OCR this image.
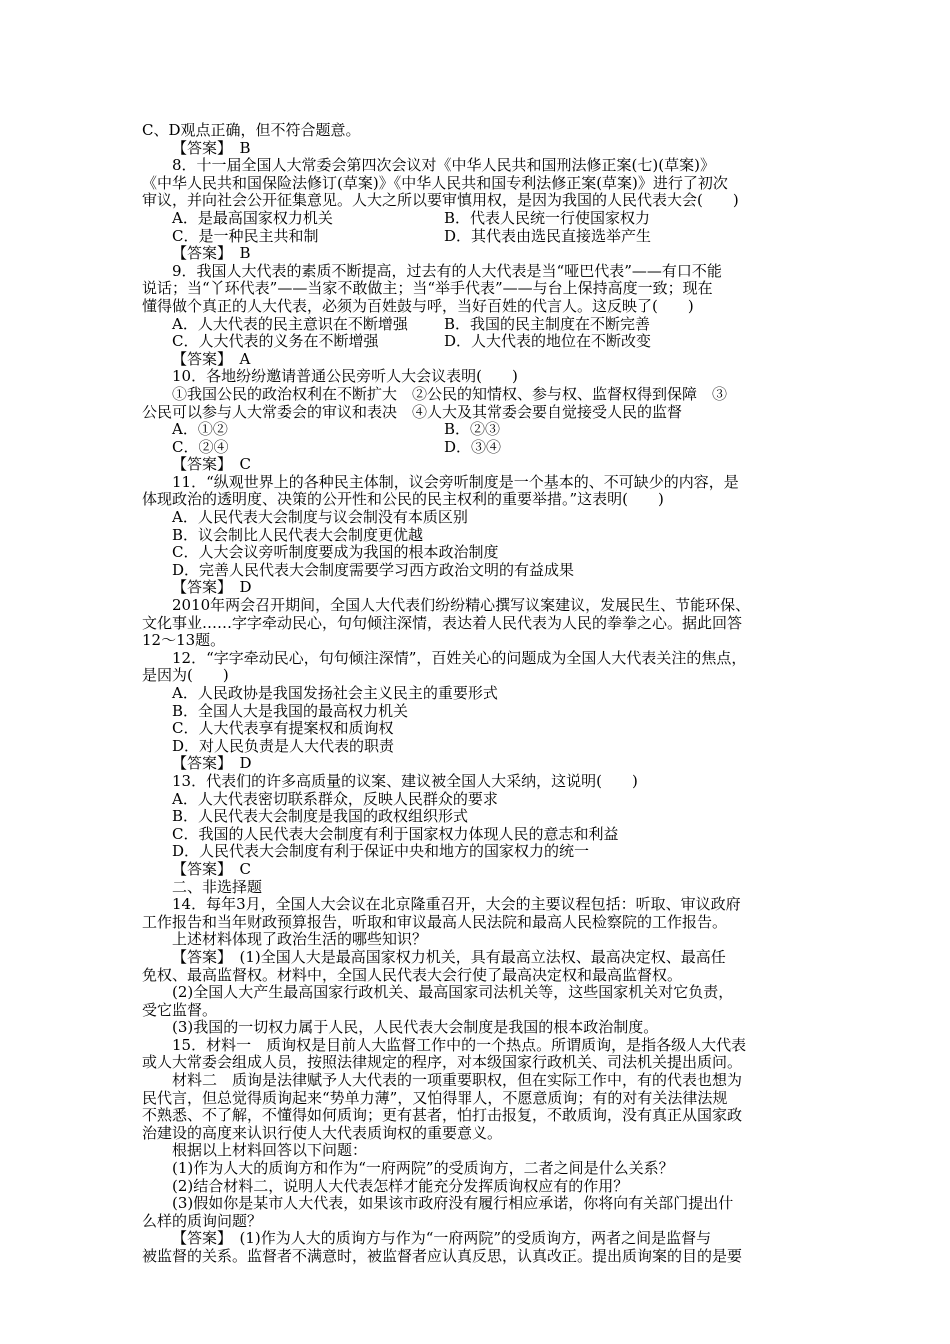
C、D观点正确，但不符合题意。
【答案】　B
8．十一届全国人大常委会第四次会议对《中华人民共和国刑法修正案(七)(草案)》
《中华人民共和国保险法修订(草案)》《中华人民共和国专利法修正案(草案)》进行了初次
审议，并向社会公开征集意见。人大之所以要审慎用权，是因为我国的人民代表大会(　　)
A．是最高国家权力机关	B．代表人民统一行使国家权力
C．是一种民主共和制	D．其代表由选民直接选举产生
【答案】　B
9．我国人大代表的素质不断提高，过去有的人大代表是当“哑巴代表”——有口不能
说话；当“丫环代表”——当家不敢做主；当“举手代表”——与台上保持高度一致；现在
懂得做个真正的人大代表，必须为百姓鼓与呼，当好百姓的代言人。这反映了(　　)
A．人大代表的民主意识在不断增强	B．我国的民主制度在不断完善
C．人大代表的义务在不断增强	D．人大代表的地位在不断改变
【答案】　A
10．各地纷纷邀请普通公民旁听人大会议表明(　　)
①我国公民的政治权利在不断扩大　②公民的知情权、参与权、监督权得到保障　③
公民可以参与人大常委会的审议和表决　④人大及其常委会要自觉接受人民的监督
A．①②	B．②③
C．②④	D．③④
【答案】　C
11．“纵观世界上的各种民主体制，议会旁听制度是一个基本的、不可缺少的内容，是
体现政治的透明度、决策的公开性和公民的民主权利的重要举措。”这表明(　　)
A．人民代表大会制度与议会制没有本质区别
B．议会制比人民代表大会制度更优越
C．人大会议旁听制度要成为我国的根本政治制度
D．完善人民代表大会制度需要学习西方政治文明的有益成果
【答案】　D
2010年两会召开期间，全国人大代表们纷纷精心撰写议案建议，发展民生、节能环保、
文化事业……字字牵动民心，句句倾注深情，表达着人民代表为人民的拳拳之心。据此回答
12～13题。
12．“字字牵动民心，句句倾注深情”，百姓关心的问题成为全国人大代表关注的焦点，
是因为(　　)
A．人民政协是我国发扬社会主义民主的重要形式
B．全国人大是我国的最高权力机关
C．人大代表享有提案权和质询权
D．对人民负责是人大代表的职责
【答案】　D
13．代表们的许多高质量的议案、建议被全国人大采纳，这说明(　　)
A．人大代表密切联系群众，反映人民群众的要求
B．人民代表大会制度是我国的政权组织形式
C．我国的人民代表大会制度有利于国家权力体现人民的意志和利益
D．人民代表大会制度有利于保证中央和地方的国家权力的统一
【答案】　C
二、非选择题
14．每年3月，全国人大会议在北京隆重召开，大会的主要议程包括：听取、审议政府
工作报告和当年财政预算报告，听取和审议最高人民法院和最高人民检察院的工作报告。
上述材料体现了政治生活的哪些知识？
【答案】　(1)全国人大是最高国家权力机关，具有最高立法权、最高决定权、最高任
免权、最高监督权。材料中，全国人民代表大会行使了最高决定权和最高监督权。
(2)全国人大产生最高国家行政机关、最高国家司法机关等，这些国家机关对它负责，
受它监督。
(3)我国的一切权力属于人民，人民代表大会制度是我国的根本政治制度。
15．材料一　质询权是目前人大监督工作中的一个热点。所谓质询，是指各级人大代表
或人大常委会组成人员，按照法律规定的程序，对本级国家行政机关、司法机关提出质问。
材料二　质询是法律赋予人大代表的一项重要职权，但在实际工作中，有的代表也想为
民代言，但总觉得质询起来“势单力薄”，又怕得罪人，不愿意质询；有的对有关法律法规
不熟悉、不了解，不懂得如何质询；更有甚者，怕打击报复，不敢质询，没有真正从国家政
治建设的高度来认识行使人大代表质询权的重要意义。
根据以上材料回答以下问题：
(1)作为人大的质询方和作为“一府两院”的受质询方，二者之间是什么关系？
(2)结合材料二，说明人大代表怎样才能充分发挥质询权应有的作用？
(3)假如你是某市人大代表，如果该市政府没有履行相应承诺，你将向有关部门提出什
么样的质询问题？
【答案】　(1)作为人大的质询方与作为“一府两院”的受质询方，两者之间是监督与
被监督的关系。监督者不满意时，被监督者应认真反思，认真改正。提出质询案的目的是要
